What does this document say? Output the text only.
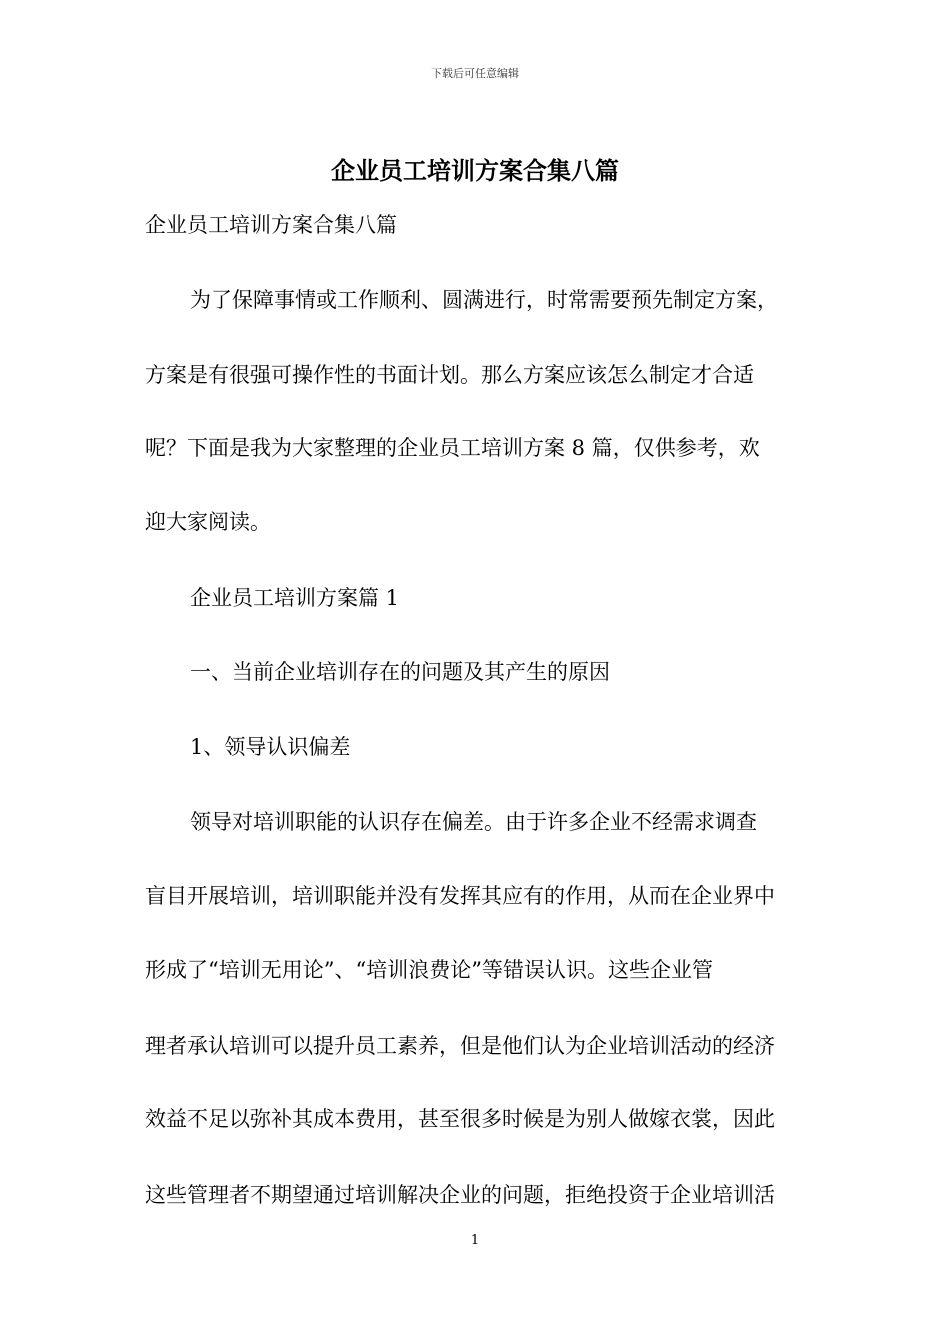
下载后可任意编辑
企业员工培训方案合集八篇
企业员工培训方案合集八篇
为了保障事情或工作顺利、圆满进行，时常需要预先制定方案，
方案是有很强可操作性的书面计划。那么方案应该怎么制定才合适
呢？下面是我为大家整理的企业员工培训方案 8 篇，仅供参考，欢
迎大家阅读。
企业员工培训方案篇 1
一、当前企业培训存在的问题及其产生的原因
1、领导认识偏差
领导对培训职能的认识存在偏差。由于许多企业不经需求调查
盲目开展培训，培训职能并没有发挥其应有的作用，从而在企业界中
形成了“培训无用论”、“培训浪费论”等错误认识。这些企业管
理者承认培训可以提升员工素养，但是他们认为企业培训活动的经济
效益不足以弥补其成本费用，甚至很多时候是为别人做嫁衣裳，因此
这些管理者不期望通过培训解决企业的问题，拒绝投资于企业培训活
1
